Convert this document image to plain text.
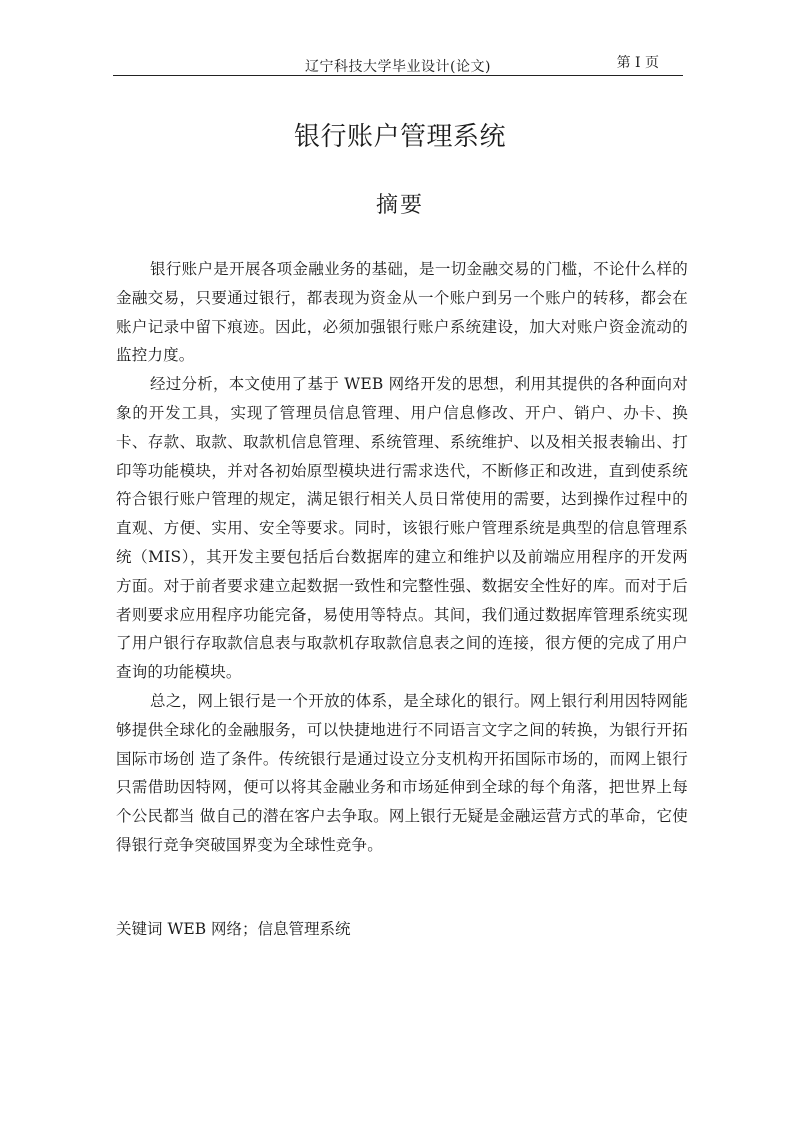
辽宁科技大学毕业设计(论文)	第 I 页
银行账户管理系统
摘要

银行账户是开展各项金融业务的基础，是一切金融交易的门槛，不论什么样的金融交易，只要通过银行，都表现为资金从一个账户到另一个账户的转移，都会在账户记录中留下痕迹。因此，必须加强银行账户系统建设，加大对账户资金流动的监控力度。

经过分析，本文使用了基于 WEB 网络开发的思想，利用其提供的各种面向对象的开发工具，实现了管理员信息管理、用户信息修改、开户、销户、办卡、换卡、存款、取款、取款机信息管理、系统管理、系统维护、以及相关报表输出、打印等功能模块，并对各初始原型模块进行需求迭代，不断修正和改进，直到使系统符合银行账户管理的规定，满足银行相关人员日常使用的需要，达到操作过程中的直观、方便、实用、安全等要求。同时，该银行账户管理系统是典型的信息管理系统（MIS），其开发主要包括后台数据库的建立和维护以及前端应用程序的开发两方面。对于前者要求建立起数据一致性和完整性强、数据安全性好的库。而对于后者则要求应用程序功能完备，易使用等特点。其间，我们通过数据库管理系统实现了用户银行存取款信息表与取款机存取款信息表之间的连接，很方便的完成了用户查询的功能模块。

总之，网上银行是一个开放的体系，是全球化的银行。网上银行利用因特网能够提供全球化的金融服务，可以快捷地进行不同语言文字之间的转换，为银行开拓国际市场创 造了条件。传统银行是通过设立分支机构开拓国际市场的，而网上银行只需借助因特网，便可以将其金融业务和市场延伸到全球的每个角落，把世界上每个公民都当 做自己的潜在客户去争取。网上银行无疑是金融运营方式的革命，它使得银行竞争突破国界变为全球性竞争。

关键词 WEB 网络；信息管理系统
